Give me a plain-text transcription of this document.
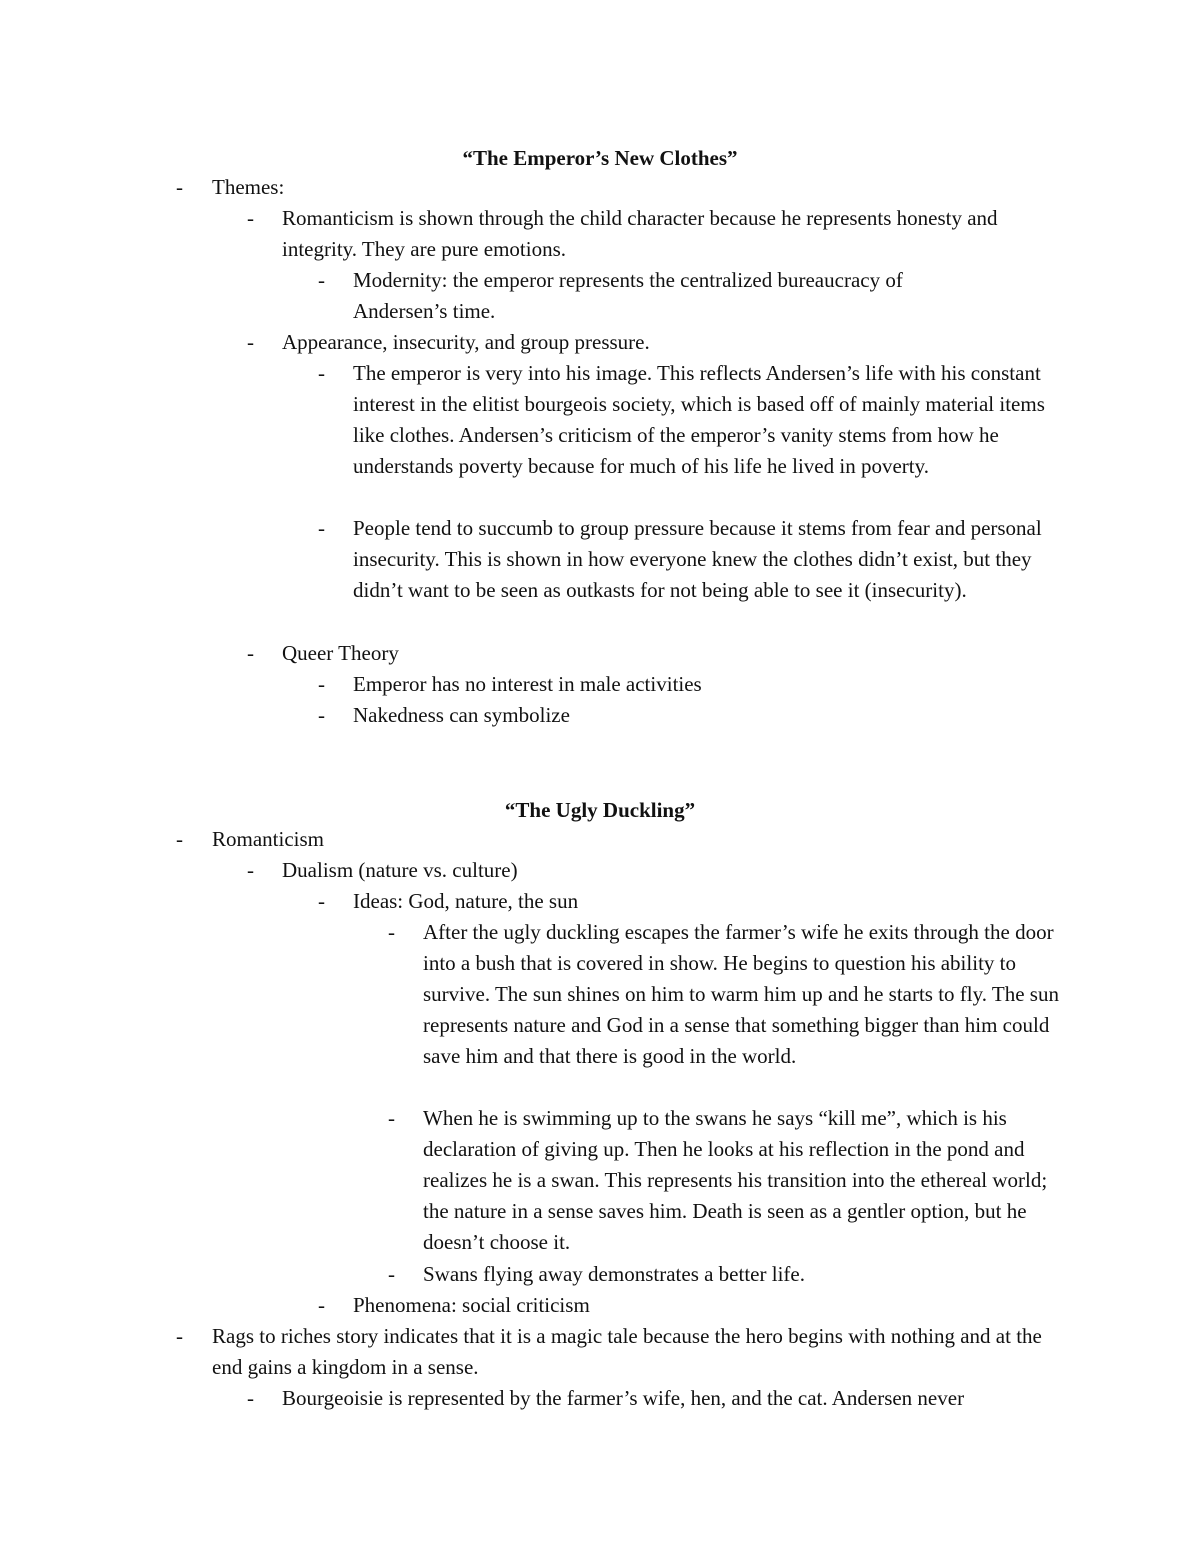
“The Emperor’s New Clothes”
- Themes:
- Romanticism is shown through the child character because he represents honesty and integrity. They are pure emotions.
- Modernity: the emperor represents the centralized bureaucracy of Andersen’s time.
- Appearance, insecurity, and group pressure.
- The emperor is very into his image. This reflects Andersen’s life with his constant interest in the elitist bourgeois society, which is based off of mainly material items like clothes. Andersen’s criticism of the emperor’s vanity stems from how he understands poverty because for much of his life he lived in poverty.
- People tend to succumb to group pressure because it stems from fear and personal insecurity. This is shown in how everyone knew the clothes didn’t exist, but they didn’t want to be seen as outkasts for not being able to see it (insecurity).
- Queer Theory
- Emperor has no interest in male activities
- Nakedness can symbolize
“The Ugly Duckling”
- Romanticism
- Dualism (nature vs. culture)
- Ideas: God, nature, the sun
- After the ugly duckling escapes the farmer’s wife he exits through the door into a bush that is covered in show. He begins to question his ability to survive. The sun shines on him to warm him up and he starts to fly. The sun represents nature and God in a sense that something bigger than him could save him and that there is good in the world.
- When he is swimming up to the swans he says “kill me”, which is his declaration of giving up. Then he looks at his reflection in the pond and realizes he is a swan. This represents his transition into the ethereal world; the nature in a sense saves him. Death is seen as a gentler option, but he doesn’t choose it.
- Swans flying away demonstrates a better life.
- Phenomena: social criticism
- Rags to riches story indicates that it is a magic tale because the hero begins with nothing and at the end gains a kingdom in a sense.
- Bourgeoisie is represented by the farmer’s wife, hen, and the cat. Andersen never
